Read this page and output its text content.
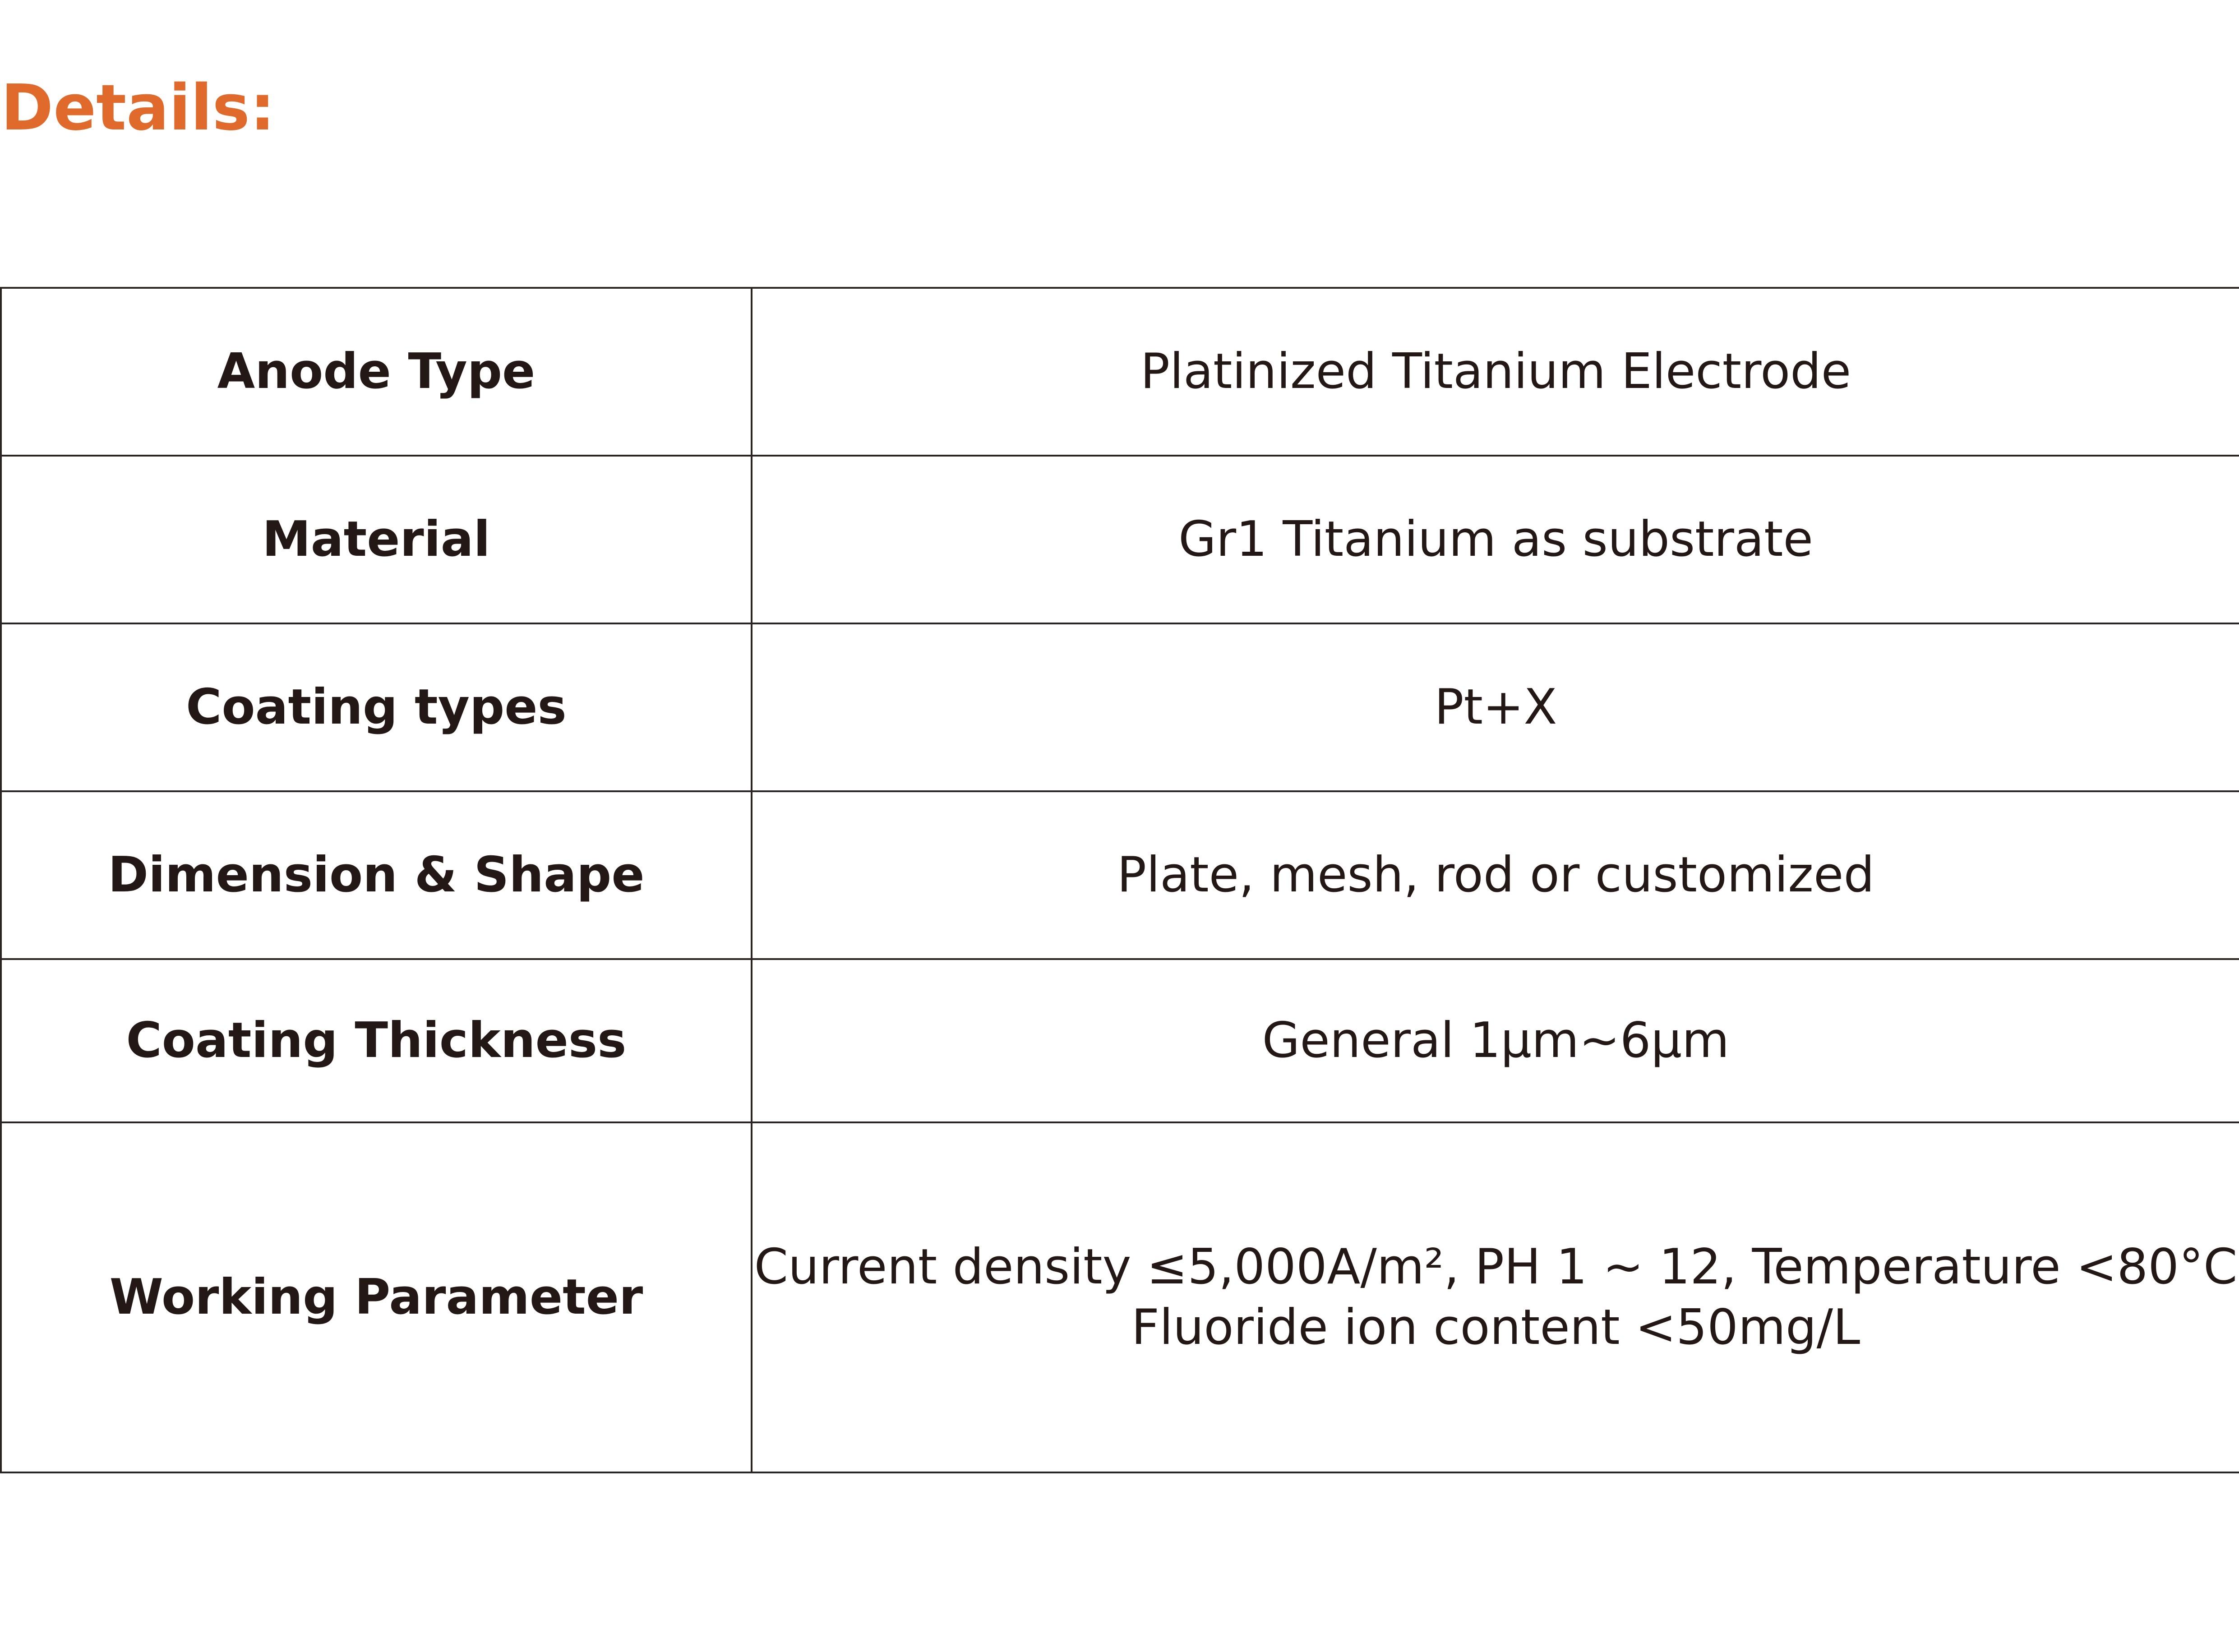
Details:
Anode Type	Platinized Titanium Electrode
Material	Gr1 Titanium as substrate
Coating types	Pt+X
Dimension & Shape	Plate, mesh, rod or customized
Coating Thickness	General 1μm~6μm
Working Parameter	Current density ≤5,000A/m², PH 1 ~ 12, Temperature <80°C
Fluoride ion content <50mg/L
